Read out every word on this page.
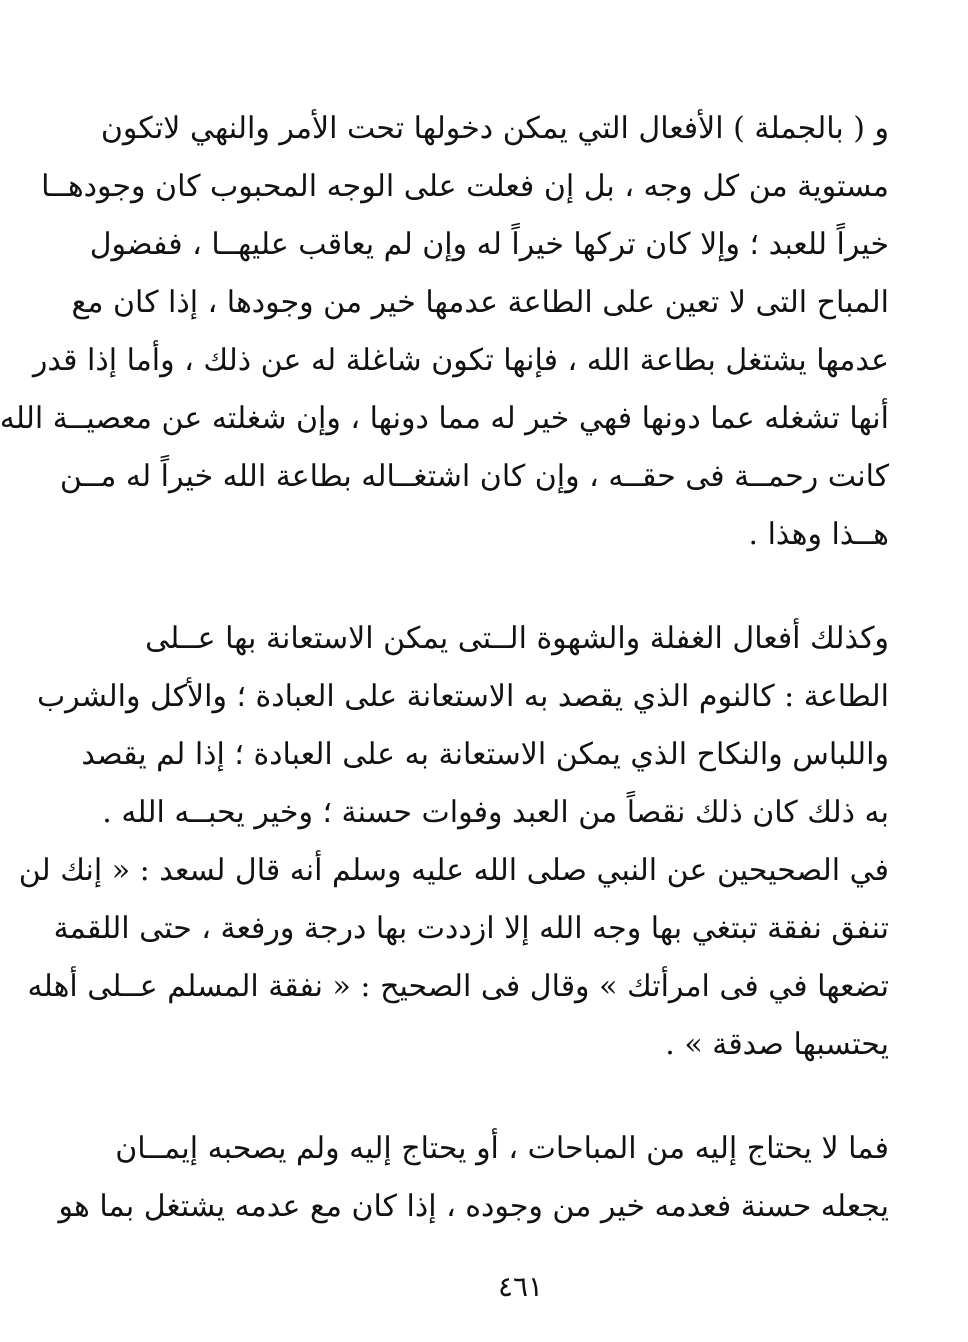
و ( بالجملة ) الأفعال التي يمكن دخولها تحت الأمر والنهي لاتكون
مستوية من كل وجه ، بل إن فعلت على الوجه المحبوب كان وجودهــا
خيراً للعبد ؛ وإلا كان تركها خيراً له وإن لم يعاقب عليهــا ، ففضول
المباح التى لا تعين على الطاعة عدمها خير من وجودها ، إذا كان مع
عدمها يشتغل بطاعة الله ، فإنها تكون شاغلة له عن ذلك ، وأما إذا قدر
أنها تشغله عما دونها فهي خير له مما دونها ، وإن شغلته عن معصيــة الله
كانت رحمــة فى حقــه ، وإن كان اشتغــاله بطاعة الله خيراً له مــن
هــذا وهذا .
وكذلك أفعال الغفلة والشهوة الــتى يمكن الاستعانة بها عــلى
الطاعة : كالنوم الذي يقصد به الاستعانة على العبادة ؛ والأكل والشرب
واللباس والنكاح الذي يمكن الاستعانة به على العبادة ؛ إذا لم يقصد
به ذلك كان ذلك نقصاً من العبد وفوات حسنة ؛ وخير يحبــه الله .
في الصحيحين عن النبي صلى الله عليه وسلم أنه قال لسعد : « إنك لن
تنفق نفقة تبتغي بها وجه الله إلا ازددت بها درجة ورفعة ، حتى اللقمة
تضعها في فى امرأتك » وقال فى الصحيح : « نفقة المسلم عــلى أهله
يحتسبها صدقة » .
فما لا يحتاج إليه من المباحات ، أو يحتاج إليه ولم يصحبه إيمــان
يجعله حسنة فعدمه خير من وجوده ، إذا كان مع عدمه يشتغل بما هو
٤٦١
